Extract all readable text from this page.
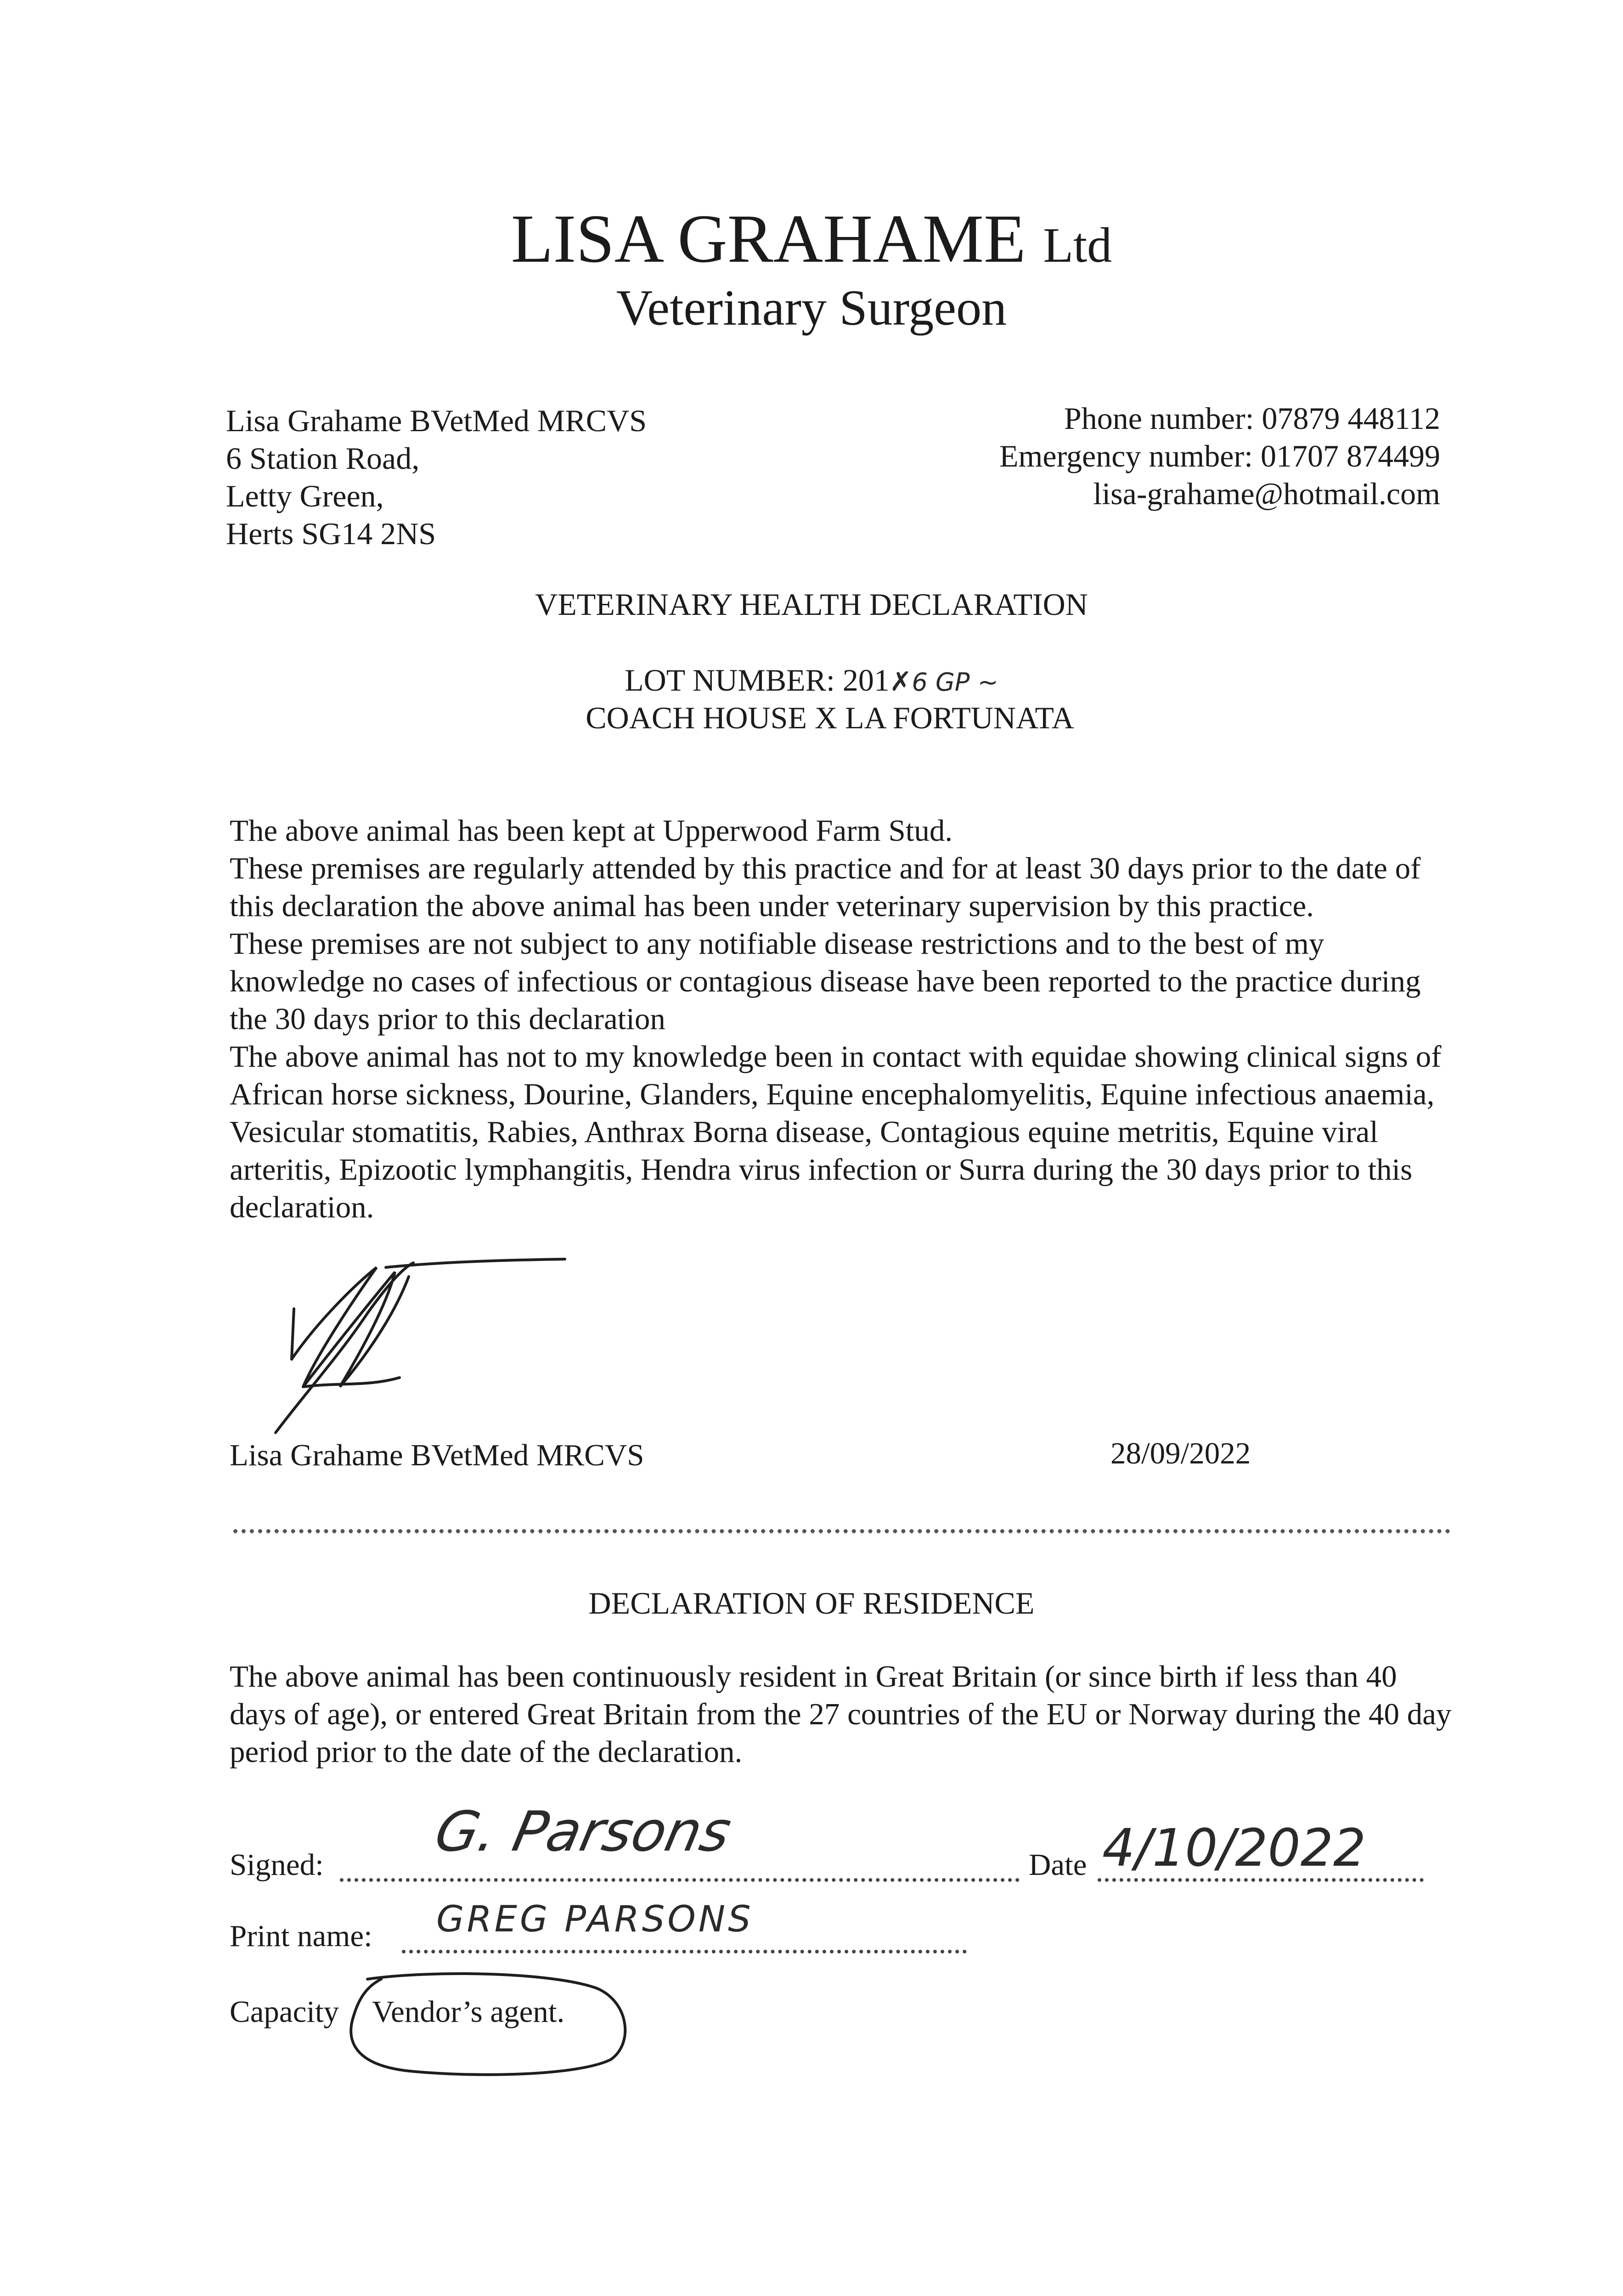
LISA GRAHAME Ltd
Veterinary Surgeon
Lisa Grahame BVetMed MRCVS
6 Station Road,
Letty Green,
Herts SG14 2NS
Phone number: 07879 448112
Emergency number: 01707 874499
lisa-grahame@hotmail.com
VETERINARY HEALTH DECLARATION
LOT NUMBER: 201✗6 GP ~
COACH HOUSE X LA FORTUNATA

The above animal has been kept at Upperwood Farm Stud.

These premises are regularly attended by this practice and for at least 30 days prior to the date of this declaration the above animal has been under veterinary supervision by this practice.

These premises are not subject to any notifiable disease restrictions and to the best of my knowledge no cases of infectious or contagious disease have been reported to the practice during the 30 days prior to this declaration

The above animal has not to my knowledge been in contact with equidae showing clinical signs of African horse sickness, Dourine, Glanders, Equine encephalomyelitis, Equine infectious anaemia, Vesicular stomatitis, Rabies, Anthrax Borna disease, Contagious equine metritis, Equine viral arteritis, Epizootic lymphangitis, Hendra virus infection or Surra during the 30 days prior to this declaration.

Lisa Grahame BVetMed MRCVS	28/09/2022
DECLARATION OF RESIDENCE
The above animal has been continuously resident in Great Britain (or since birth if less than 40 days of age), or entered Great Britain from the 27 countries of the EU or Norway during the 40 day period prior to the date of the declaration.
Signed:
G. Parsons
Date 4/10/2022
Print name: GREG PARSONS
Capacity Vendor’s agent.
